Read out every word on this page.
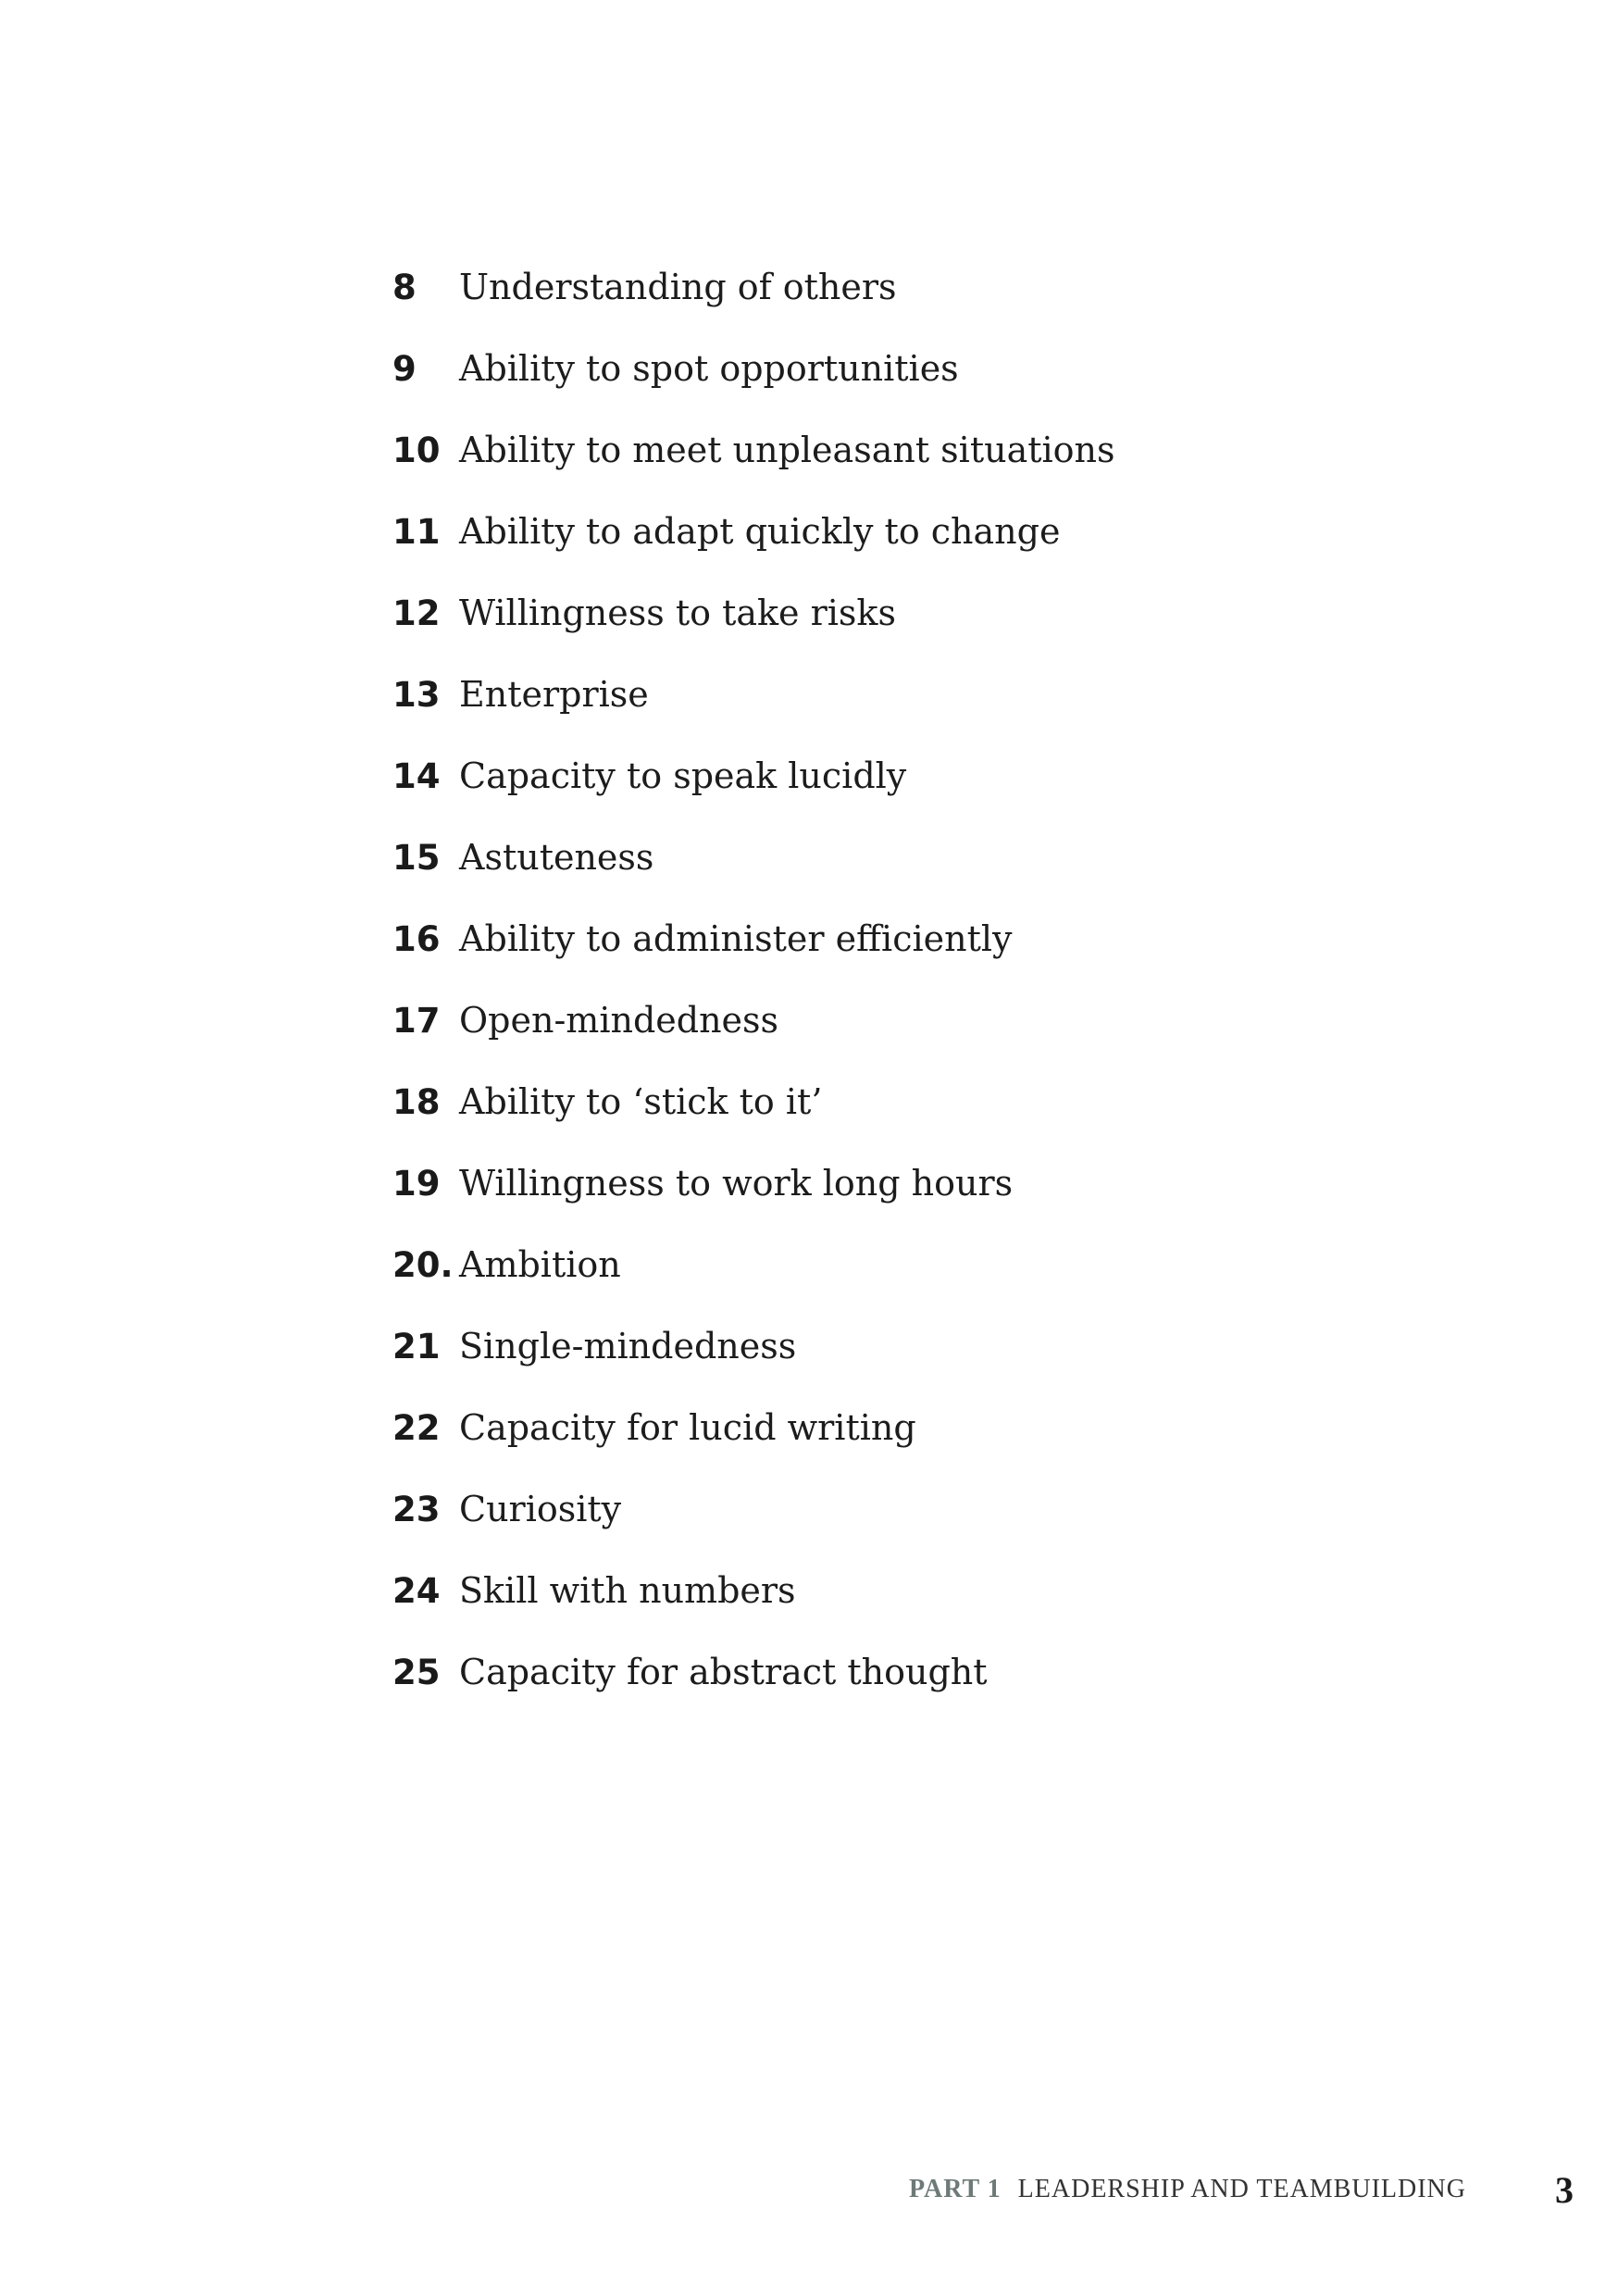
8	Understanding of others
9	Ability to spot opportunities
10 Ability to meet unpleasant situations
11 Ability to adapt quickly to change
12 Willingness to take risks
13 Enterprise
14 Capacity to speak lucidly
15 Astuteness
16 Ability to administer efficiently
17 Open-mindedness
18 Ability to ‘stick to it’
19 Willingness to work long hours
20. Ambition
21 Single-mindedness
22 Capacity for lucid writing
23 Curiosity
24 Skill with numbers
25 Capacity for abstract thought
PART 1 LEADERSHIP AND TEAMBUILDING 3
